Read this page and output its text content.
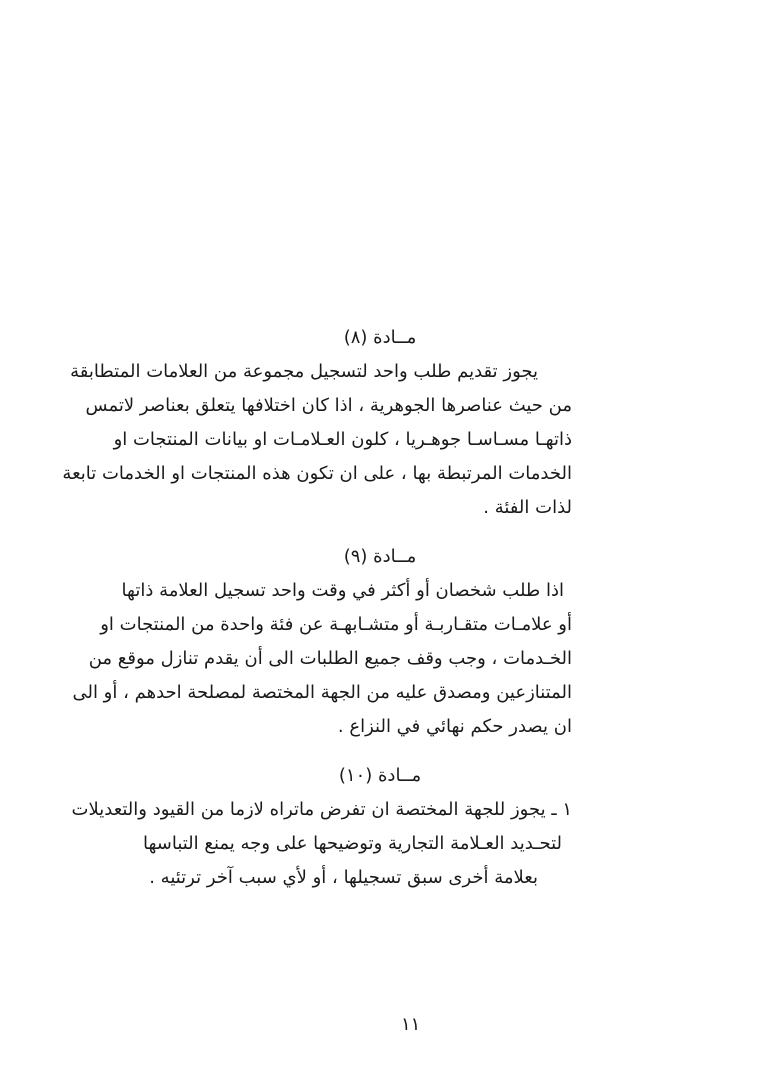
مــادة (٨)
يجوز تقديم طلب واحد لتسجيل مجموعة من العلامات المتطابقة
من حيث عناصرها الجوهرية ، اذا كان اختلافها يتعلق بعناصر لاتمس
ذاتهـا مسـاسـا جوهـريا ، كلون العـلامـات او بيانات المنتجات او
الخدمات المرتبطة بها ، على ان تكون هذه المنتجات او الخدمات تابعة
لذات الفئة .
مــادة (٩)
اذا طلب شخصان أو أكثر في وقت واحد تسجيل العلامة ذاتها
أو علامـات متقـاربـة أو متشـابهـة عن فئة واحدة من المنتجات او
الخـدمات ، وجب وقف جميع الطلبات الى أن يقدم تنازل موقع من
المتنازعين ومصدق عليه من الجهة المختصة لمصلحة احدهم ، أو الى
ان يصدر حكم نهائي في النزاع .
مــادة (١٠)
١ ـ يجوز للجهة المختصة ان تفرض ماتراه لازما من القيود والتعديلات
لتحـديد العـلامة التجارية وتوضيحها على وجه يمنع التباسها
بعلامة أخرى سبق تسجيلها ، أو لأي سبب آخر ترتئيه .
١١
